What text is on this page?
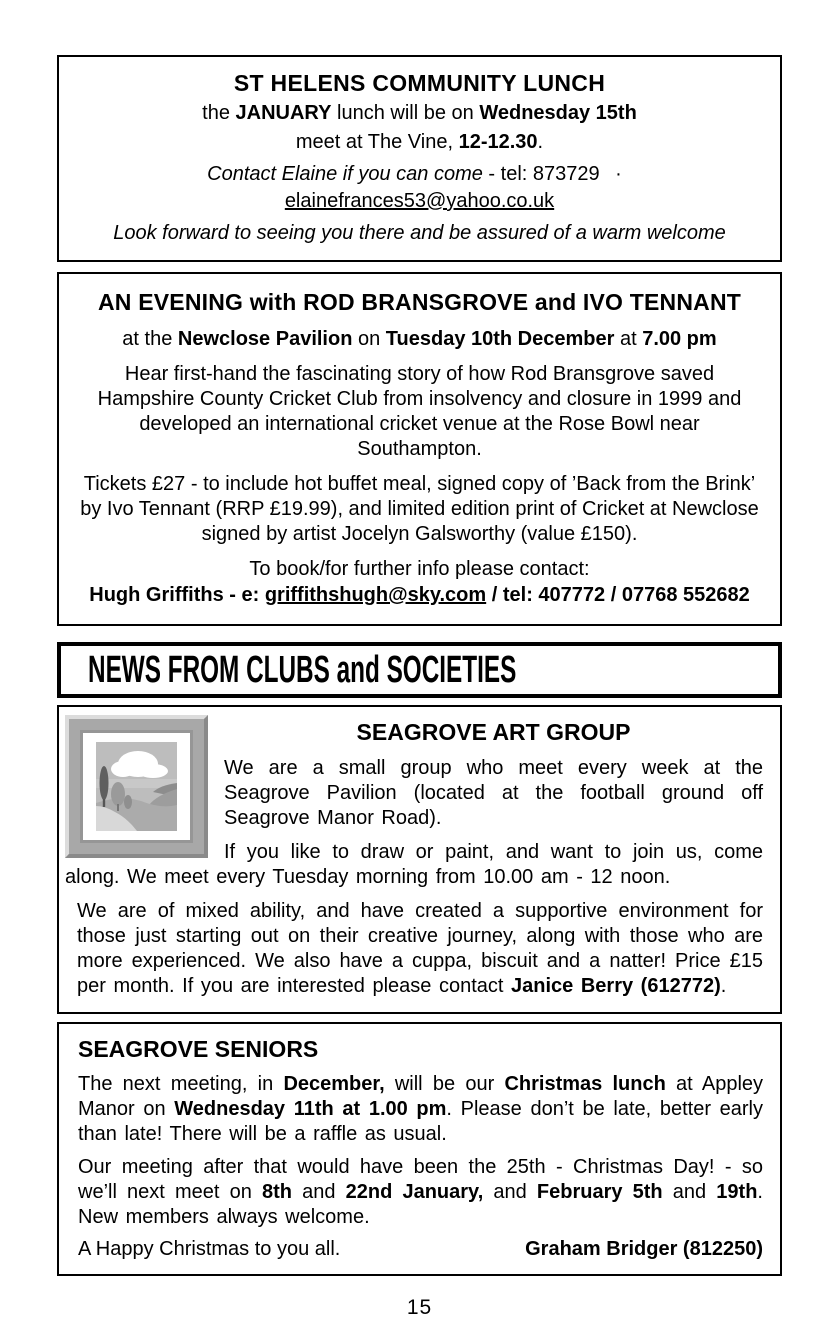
ST HELENS COMMUNITY LUNCH

the JANUARY lunch will be on Wednesday 15th

meet at The Vine, 12-12.30.

Contact Elaine if you can come - tel: 873729  ·  elainefrances53@yahoo.co.uk

Look forward to seeing you there and be assured of a warm welcome

AN EVENING with ROD BRANSGROVE and IVO TENNANT

at the Newclose Pavilion on Tuesday 10th December at 7.00 pm

Hear first-hand the fascinating story of how Rod Bransgrove saved Hampshire County Cricket Club from insolvency and closure in 1999 and developed an international cricket venue at the Rose Bowl near Southampton.

Tickets £27 - to include hot buffet meal, signed copy of ’Back from the Brink’ by Ivo Tennant (RRP £19.99), and limited edition print of Cricket at Newclose signed by artist Jocelyn Galsworthy (value £150).

To book/for further info please contact:

Hugh Griffiths - e: griffithshugh@sky.com / tel: 407772 / 07768 552682

NEWS FROM CLUBS and SOCIETIES
SEAGROVE ART GROUP

We are a small group who meet every week at the Seagrove Pavilion (located at the football ground off Seagrove Manor Road).

If you like to draw or paint, and want to join us, come along. We meet every Tuesday morning from 10.00 am - 12 noon.

We are of mixed ability, and have created a supportive environment for those just starting out on their creative journey, along with those who are more experienced. We also have a cuppa, biscuit and a natter! Price £15 per month. If you are interested please contact Janice Berry (612772).

SEAGROVE SENIORS

The next meeting, in December, will be our Christmas lunch at Appley Manor on Wednesday 11th at 1.00 pm. Please don’t be late, better early than late! There will be a raffle as usual.

Our meeting after that would have been the 25th - Christmas Day! - so we’ll next meet on 8th and 22nd January, and February 5th and 19th. New members always welcome.

A Happy Christmas to you all.	Graham Bridger (812250)
15
